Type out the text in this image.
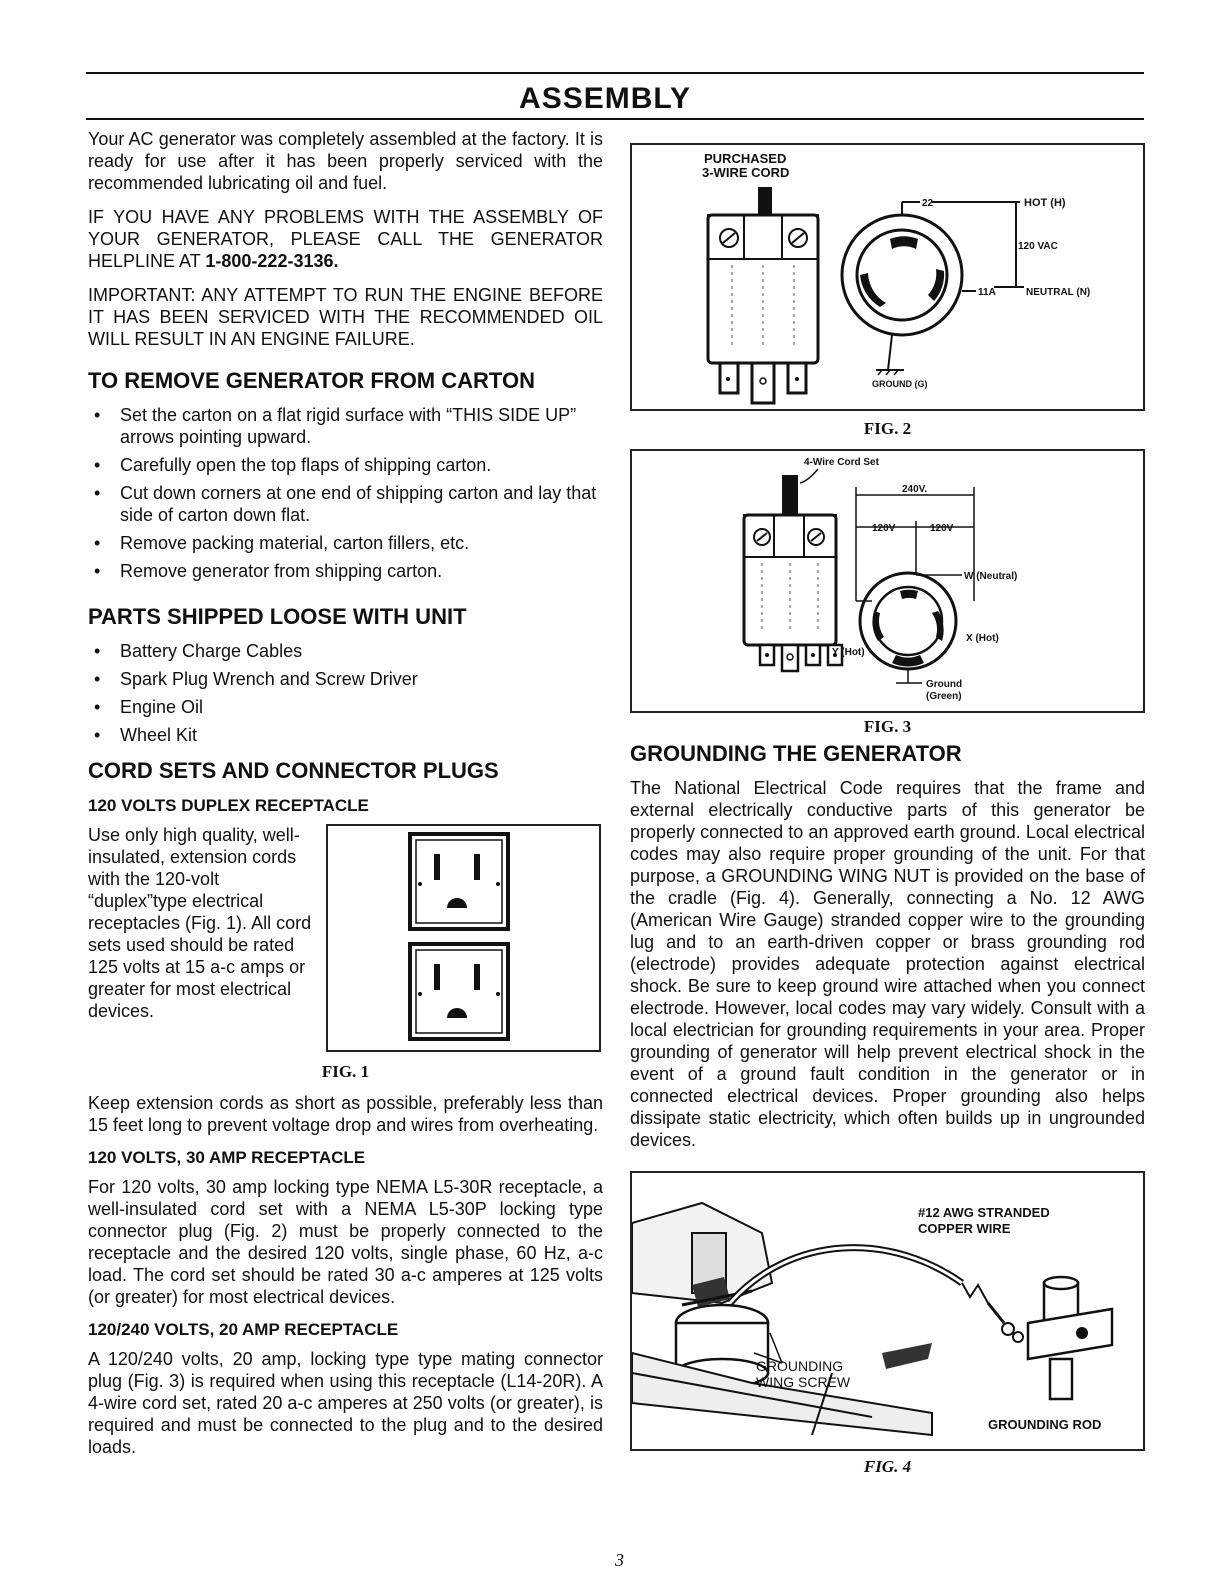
ASSEMBLY

Your AC generator was completely assembled at the factory. It is ready for use after it has been properly serviced with the recommended lubricating oil and fuel.

IF YOU HAVE ANY PROBLEMS WITH THE ASSEMBLY OF YOUR GENERATOR, PLEASE CALL THE GENERATOR HELPLINE AT 1-800-222-3136.

IMPORTANT: ANY ATTEMPT TO RUN THE ENGINE BEFORE IT HAS BEEN SERVICED WITH THE RECOMMENDED OIL WILL RESULT IN AN ENGINE FAILURE.

TO REMOVE GENERATOR FROM CARTON
• Set the carton on a flat rigid surface with “THIS SIDE UP” arrows pointing upward.
• Carefully open the top flaps of shipping carton.
• Cut down corners at one end of shipping carton and lay that side of carton down flat.
• Remove packing material, carton fillers, etc.
• Remove generator from shipping carton.
PARTS SHIPPED LOOSE WITH UNIT
• Battery Charge Cables
• Spark Plug Wrench and Screw Driver
• Engine Oil
• Wheel Kit
CORD SETS AND CONNECTOR PLUGS
120 VOLTS DUPLEX RECEPTACLE
Use only high quality, well-insulated, extension cords with the 120-volt “duplex”type electrical receptacles (Fig. 1). All cord sets used should be rated 125 volts at 15 a-c amps or greater for most electrical devices.
FIG. 1

Keep extension cords as short as possible, preferably less than 15 feet long to prevent voltage drop and wires from overheating.

120 VOLTS, 30 AMP RECEPTACLE

For 120 volts, 30 amp locking type NEMA L5-30R receptacle, a well-insulated cord set with a NEMA L5-30P locking type connector plug (Fig. 2) must be properly connected to the receptacle and the desired 120 volts, single phase, 60 Hz, a-c load. The cord set should be rated 30 a-c amperes at 125 volts (or greater) for most electrical devices.

120/240 VOLTS, 20 AMP RECEPTACLE

A 120/240 volts, 20 amp, locking type type mating connector plug (Fig. 3) is required when using this receptacle (L14-20R). A 4-wire cord set, rated 20 a-c amperes at 250 volts (or greater), is required and must be connected to the plug and to the desired loads.

PURCHASED
3-WIRE CORD
22	HOT (H)
120 VAC
11A	NEUTRAL (N)
GROUND (G)
FIG. 2
4-Wire Cord Set
240V.
120V	120V
W (Neutral)
X (Hot)
Y (Hot)
Ground
(Green)
FIG. 3
GROUNDING THE GENERATOR

The National Electrical Code requires that the frame and external electrically conductive parts of this generator be properly connected to an approved earth ground. Local electrical codes may also require proper grounding of the unit. For that purpose, a GROUNDING WING NUT is provided on the base of the cradle (Fig. 4). Generally, connecting a No. 12 AWG (American Wire Gauge) stranded copper wire to the grounding lug and to an earth-driven copper or brass grounding rod (electrode) provides adequate protection against electrical shock. Be sure to keep ground wire attached when you connect electrode. However, local codes may vary widely. Consult with a local electrician for grounding requirements in your area. Proper grounding of generator will help prevent electrical shock in the event of a ground fault condition in the generator or in connected electrical devices. Proper grounding also helps dissipate static electricity, which often builds up in ungrounded devices.

#12 AWG STRANDED
COPPER WIRE
GROUNDING
WING SCREW
GROUNDING ROD
FIG. 4
3
